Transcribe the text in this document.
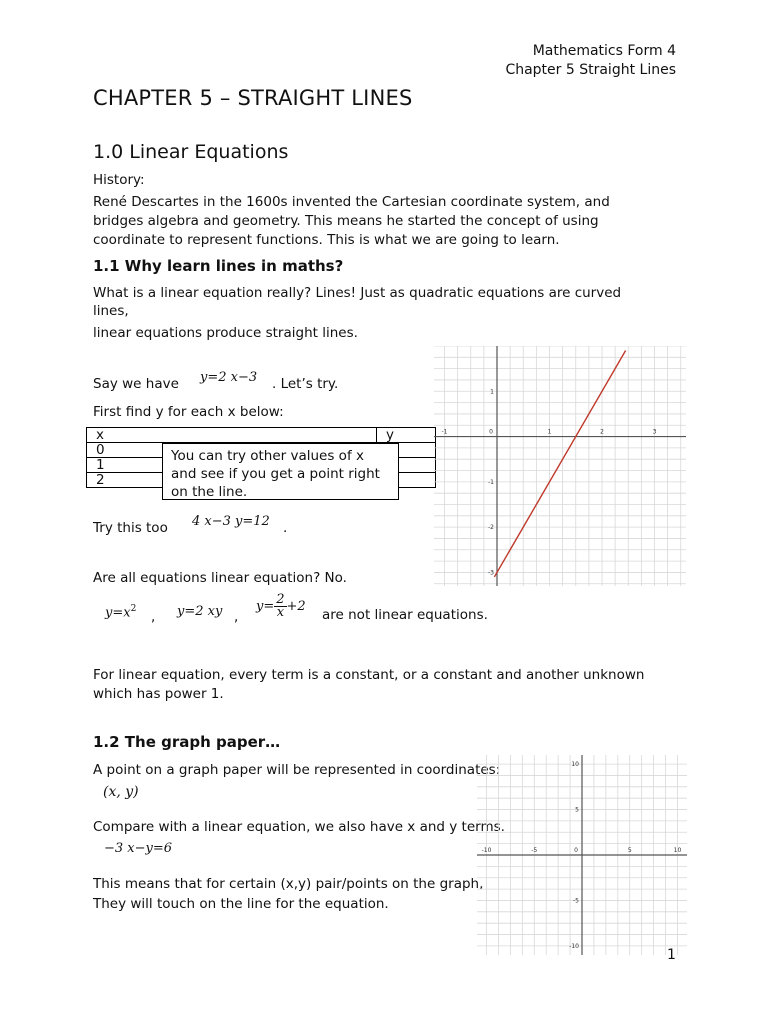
Mathematics Form 4
Chapter 5 Straight Lines
CHAPTER 5 – STRAIGHT LINES
1.0 Linear Equations
History:
René Descartes in the 1600s invented the Cartesian coordinate system, and
bridges algebra and geometry. This means he started the concept of using
coordinate to represent functions. This is what we are going to learn.
1.1 Why learn lines in maths?
What is a linear equation really? Lines! Just as quadratic equations are curved
lines,
linear equations produce straight lines.
Say we have y=2 x−3 . Let’s try.
First find y for each x below:
x	y
0	
1	
2	
You can try other values of x
and see if you get a point right
on the line.
Try this too 4 x−3 y=12 .
Are all equations linear equation? No.
$y=x^2$ , y=2 xy ,
$y= \frac{2}{x} +2$
are not linear equations.
For linear equation, every term is a constant, or a constant and another unknown
which has power 1.
1.2 The graph paper…
A point on a graph paper will be represented in coordinates:
(x, y)
Compare with a linear equation, we also have x and y terms.
−3 x−y=6
This means that for certain (x,y) pair/points on the graph,
They will touch on the line for the equation.
1
-1	0	1	2	3
1
-1
-2
-3
-10	-5	0	5	10
10
5
-5
-10
